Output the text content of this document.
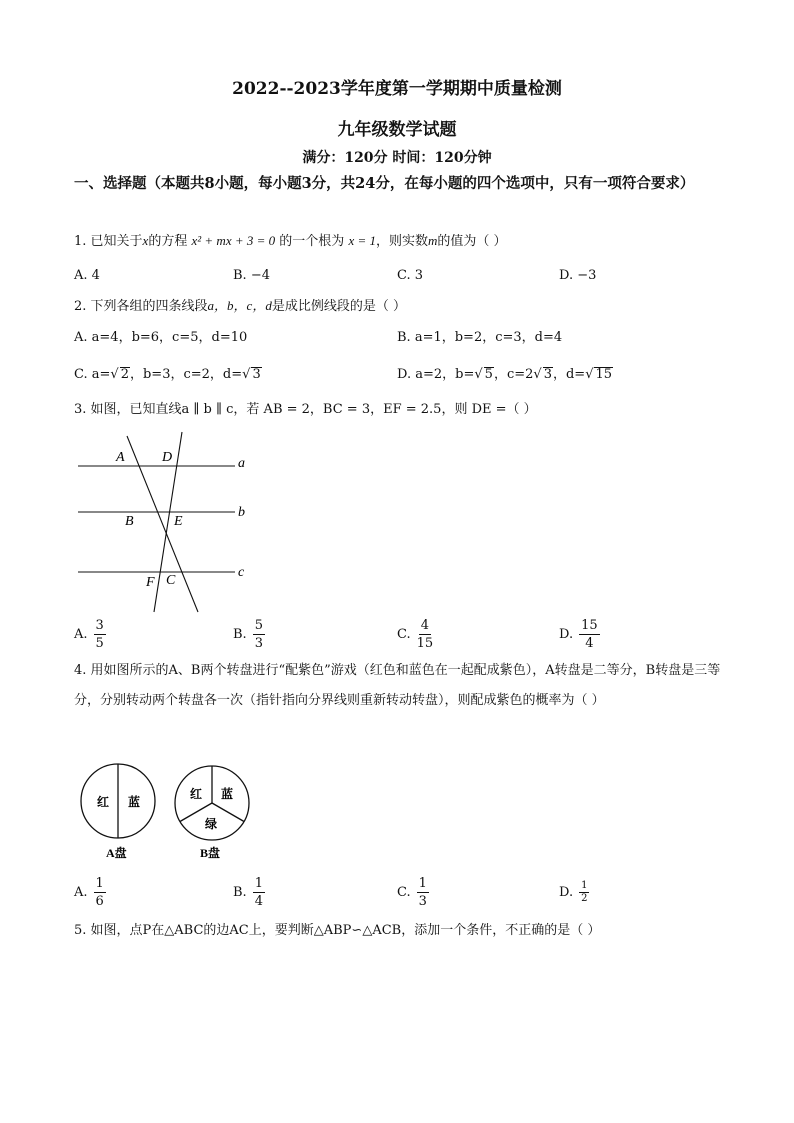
2022--2023学年度第一学期期中质量检测
九年级数学试题
满分：120分 时间：120分钟
一、选择题（本题共8小题，每小题3分，共24分，在每小题的四个选项中，只有一项符合要求）
1. 已知关于x的方程 x² + mx + 3 = 0 的一个根为 x = 1，则实数m的值为（ ）
A. 4	B. −4	C. 3	D. −3
2. 下列各组的四条线段a，b，c，d是成比例线段的是（ ）
A. a=4，b=6，c=5，d=10	B. a=1，b=2，c=3，d=4
C. a=√ 2，b=3，c=2，d=√ 3	D. a=2，b=√ 5，c=2√ 3，d=√ 15
3. 如图，已知直线a ∥ b ∥ c，若 AB = 2，BC = 3，EF = 2.5，则 DE =（ ）
A	D	a
B	E
b
F C
c
A. $\frac{3}{5}$	B. $\frac{5}{3}$	C. $\frac{4}{15}$	D. $\frac{15}{4}$
4. 用如图所示的A、B两个转盘进行“配紫色”游戏（红色和蓝色在一起配成紫色），A转盘是二等分，B转盘是三等分，分别转动两个转盘各一次（指针指向分界线则重新转动转盘），则配成紫色的概率为（ ）
红 蓝
A盘
红 蓝
绿
B盘
A. $\frac{1}{6}$	B. $\frac{1}{4}$	C. $\frac{1}{3}$	D. $\frac{1}{2}$
5. 如图，点P在△ABC的边AC上，要判断△ABP∽△ACB，添加一个条件，不正确的是（ ）
